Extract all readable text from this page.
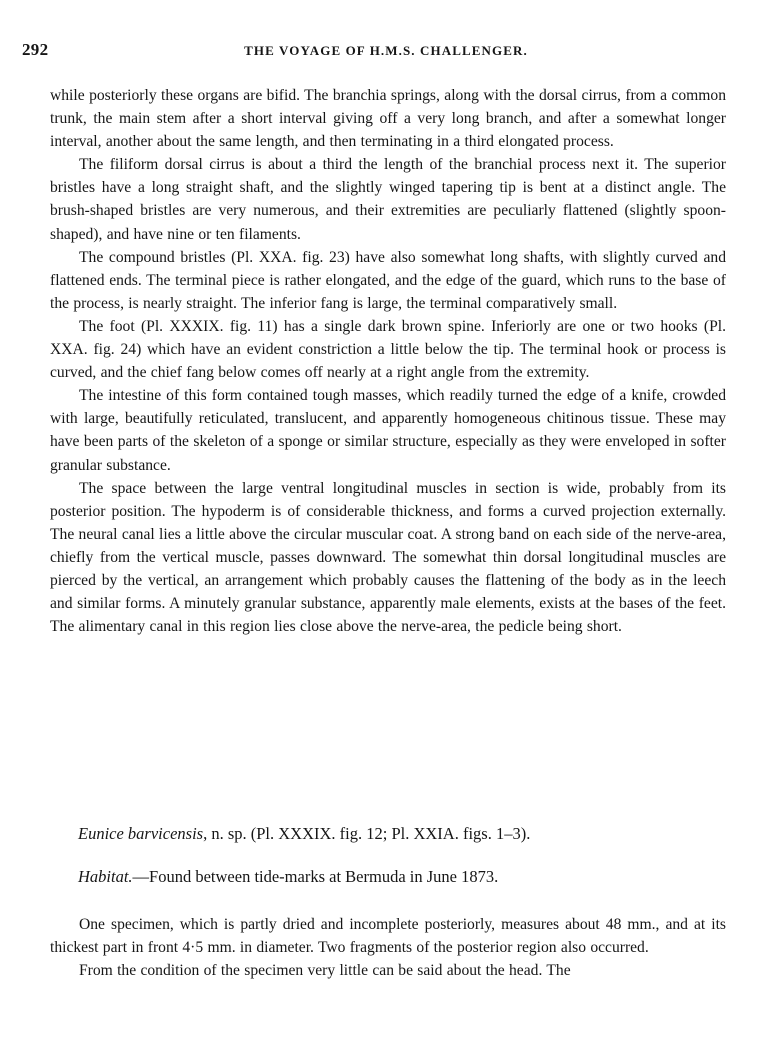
292	THE VOYAGE OF H.M.S. CHALLENGER.

while posteriorly these organs are bifid. The branchia springs, along with the dorsal cirrus, from a common trunk, the main stem after a short interval giving off a very long branch, and after a somewhat longer interval, another about the same length, and then terminating in a third elongated process.

The filiform dorsal cirrus is about a third the length of the branchial process next it. The superior bristles have a long straight shaft, and the slightly winged tapering tip is bent at a distinct angle. The brush-shaped bristles are very numerous, and their extremities are peculiarly flattened (slightly spoon-shaped), and have nine or ten filaments.

The compound bristles (Pl. XXA. fig. 23) have also somewhat long shafts, with slightly curved and flattened ends. The terminal piece is rather elongated, and the edge of the guard, which runs to the base of the process, is nearly straight. The inferior fang is large, the terminal comparatively small.

The foot (Pl. XXXIX. fig. 11) has a single dark brown spine. Inferiorly are one or two hooks (Pl. XXA. fig. 24) which have an evident constriction a little below the tip. The terminal hook or process is curved, and the chief fang below comes off nearly at a right angle from the extremity.

The intestine of this form contained tough masses, which readily turned the edge of a knife, crowded with large, beautifully reticulated, translucent, and apparently homogeneous chitinous tissue. These may have been parts of the skeleton of a sponge or similar structure, especially as they were enveloped in softer granular substance.

The space between the large ventral longitudinal muscles in section is wide, probably from its posterior position. The hypoderm is of considerable thickness, and forms a curved projection externally. The neural canal lies a little above the circular muscular coat. A strong band on each side of the nerve-area, chiefly from the vertical muscle, passes downward. The somewhat thin dorsal longitudinal muscles are pierced by the vertical, an arrangement which probably causes the flattening of the body as in the leech and similar forms. A minutely granular substance, apparently male elements, exists at the bases of the feet. The alimentary canal in this region lies close above the nerve-area, the pedicle being short.

Eunice barvicensis, n. sp. (Pl. XXXIX. fig. 12; Pl. XXIA. figs. 1–3).
Habitat.—Found between tide-marks at Bermuda in June 1873.

One specimen, which is partly dried and incomplete posteriorly, measures about 48 mm., and at its thickest part in front 4·5 mm. in diameter. Two fragments of the posterior region also occurred.

From the condition of the specimen very little can be said about the head. The
